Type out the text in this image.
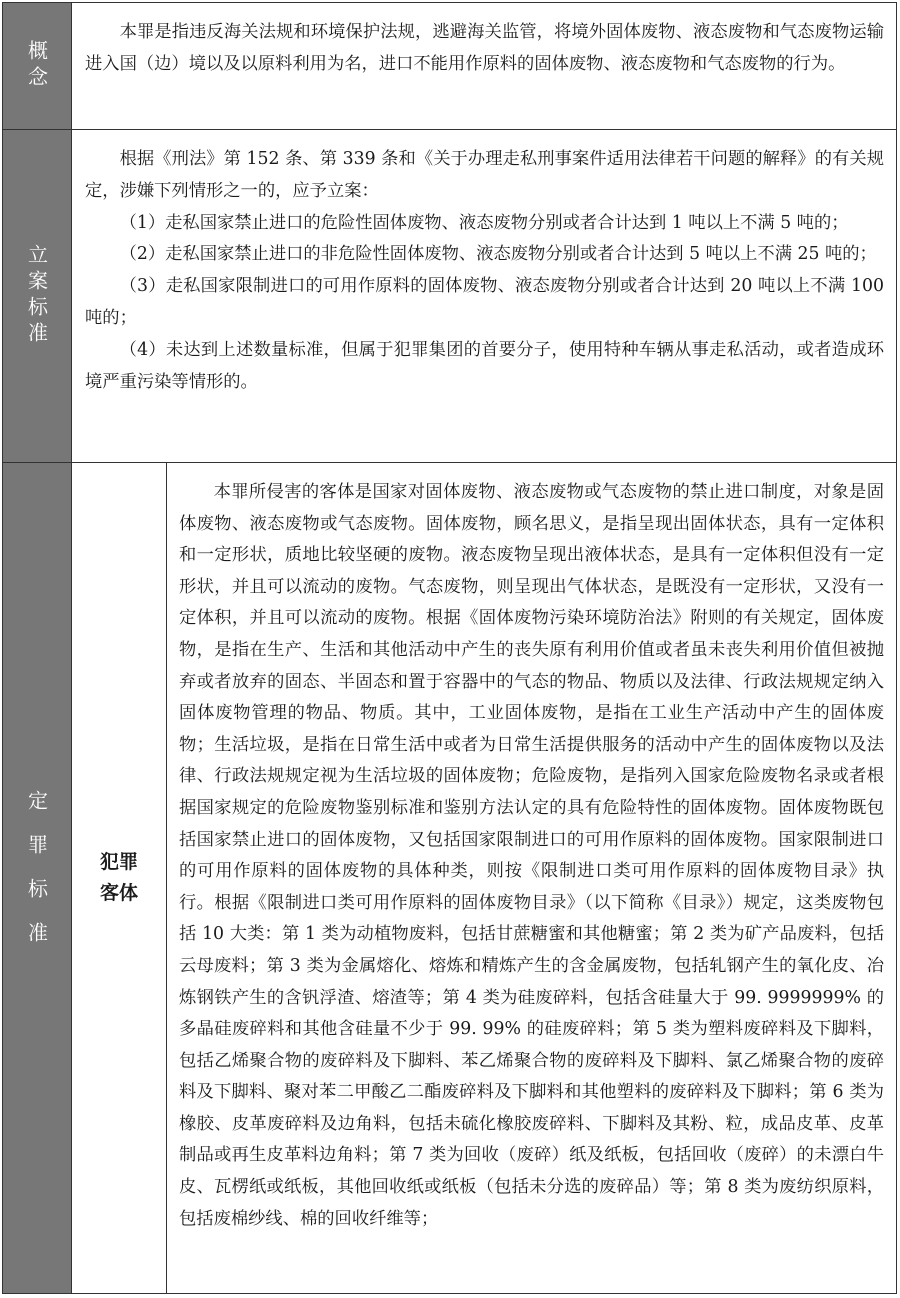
概念

本罪是指违反海关法规和环境保护法规，逃避海关监管，将境外固体废物、液态废物和气态废物运输进入国（边）境以及以原料利用为名，进口不能用作原料的固体废物、液态废物和气态废物的行为。

立案标准

根据《刑法》第 152 条、第 339 条和《关于办理走私刑事案件适用法律若干问题的解释》的有关规定，涉嫌下列情形之一的，应予立案：

（1）走私国家禁止进口的危险性固体废物、液态废物分别或者合计达到 1 吨以上不满 5 吨的；

（2）走私国家禁止进口的非危险性固体废物、液态废物分别或者合计达到 5 吨以上不满 25 吨的；

（3）走私国家限制进口的可用作原料的固体废物、液态废物分别或者合计达到 20 吨以上不满 100 吨的；

（4）未达到上述数量标准，但属于犯罪集团的首要分子，使用特种车辆从事走私活动，或者造成环境严重污染等情形的。

定罪标准	犯罪客体

本罪所侵害的客体是国家对固体废物、液态废物或气态废物的禁止进口制度，对象是固体废物、液态废物或气态废物。固体废物，顾名思义，是指呈现出固体状态，具有一定体积和一定形状，质地比较坚硬的废物。液态废物呈现出液体状态，是具有一定体积但没有一定形状，并且可以流动的废物。气态废物，则呈现出气体状态，是既没有一定形状，又没有一定体积，并且可以流动的废物。根据《固体废物污染环境防治法》附则的有关规定，固体废物，是指在生产、生活和其他活动中产生的丧失原有利用价值或者虽未丧失利用价值但被抛弃或者放弃的固态、半固态和置于容器中的气态的物品、物质以及法律、行政法规规定纳入固体废物管理的物品、物质。其中，工业固体废物，是指在工业生产活动中产生的固体废物；生活垃圾，是指在日常生活中或者为日常生活提供服务的活动中产生的固体废物以及法律、行政法规规定视为生活垃圾的固体废物；危险废物，是指列入国家危险废物名录或者根据国家规定的危险废物鉴别标准和鉴别方法认定的具有危险特性的固体废物。固体废物既包括国家禁止进口的固体废物，又包括国家限制进口的可用作原料的固体废物。国家限制进口的可用作原料的固体废物的具体种类，则按《限制进口类可用作原料的固体废物目录》执行。根据《限制进口类可用作原料的固体废物目录》（以下简称《目录》）规定，这类废物包括 10 大类：第 1 类为动植物废料，包括甘蔗糖蜜和其他糖蜜；第 2 类为矿产品废料，包括云母废料；第 3 类为金属熔化、熔炼和精炼产生的含金属废物，包括轧钢产生的氧化皮、冶炼钢铁产生的含钒浮渣、熔渣等；第 4 类为硅废碎料，包括含硅量大于 99. 9999999% 的多晶硅废碎料和其他含硅量不少于 99. 99% 的硅废碎料；第 5 类为塑料废碎料及下脚料，包括乙烯聚合物的废碎料及下脚料、苯乙烯聚合物的废碎料及下脚料、氯乙烯聚合物的废碎料及下脚料、聚对苯二甲酸乙二酯废碎料及下脚料和其他塑料的废碎料及下脚料；第 6 类为橡胶、皮革废碎料及边角料，包括未硫化橡胶废碎料、下脚料及其粉、粒，成品皮革、皮革制品或再生皮革料边角料；第 7 类为回收（废碎）纸及纸板，包括回收（废碎）的未漂白牛皮、瓦楞纸或纸板，其他回收纸或纸板（包括未分选的废碎品）等；第 8 类为废纺织原料，包括废棉纱线、棉的回收纤维等；
